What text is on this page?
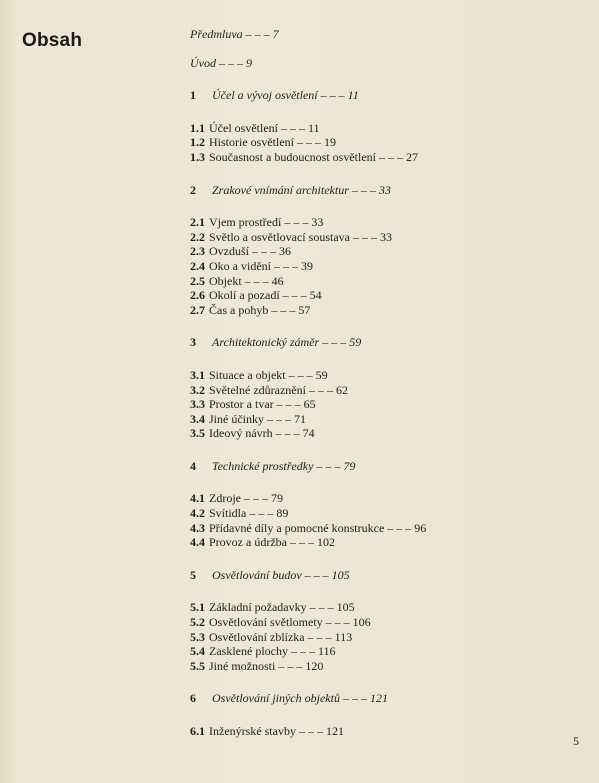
Obsah	Předmluva – – – 7
Úvod – – – 9
1 Účel a vývoj osvětlení – – – 11
1.1 Účel osvětlení – – – 11
1.2 Historie osvětlení – – – 19
1.3 Současnost a budoucnost osvětlení – – – 27
2 Zrakové vnímání architektur – – – 33
2.1 Vjem prostředí – – – 33
2.2 Světlo a osvětlovací soustava – – – 33
2.3 Ovzduší – – – 36
2.4 Oko a vidění – – – 39
2.5 Objekt – – – 46
2.6 Okolí a pozadí – – – 54
2.7 Čas a pohyb – – – 57
3 Architektonický záměr – – – 59
3.1 Situace a objekt – – – 59
3.2 Světelné zdůraznění – – – 62
3.3 Prostor a tvar – – – 65
3.4 Jiné účinky – – – 71
3.5 Ideový návrh – – – 74
4 Technické prostředky – – – 79
4.1 Zdroje – – – 79
4.2 Svítidla – – – 89
4.3 Přídavné díly a pomocné konstrukce – – – 96
4.4 Provoz a údržba – – – 102
5 Osvětlování budov – – – 105
5.1 Základní požadavky – – – 105
5.2 Osvětlování světlomety – – – 106
5.3 Osvětlování zblízka – – – 113
5.4 Zasklené plochy – – – 116
5.5 Jiné možnosti – – – 120
6 Osvětlování jiných objektů – – – 121
6.1 Inženýrské stavby – – – 121
5
